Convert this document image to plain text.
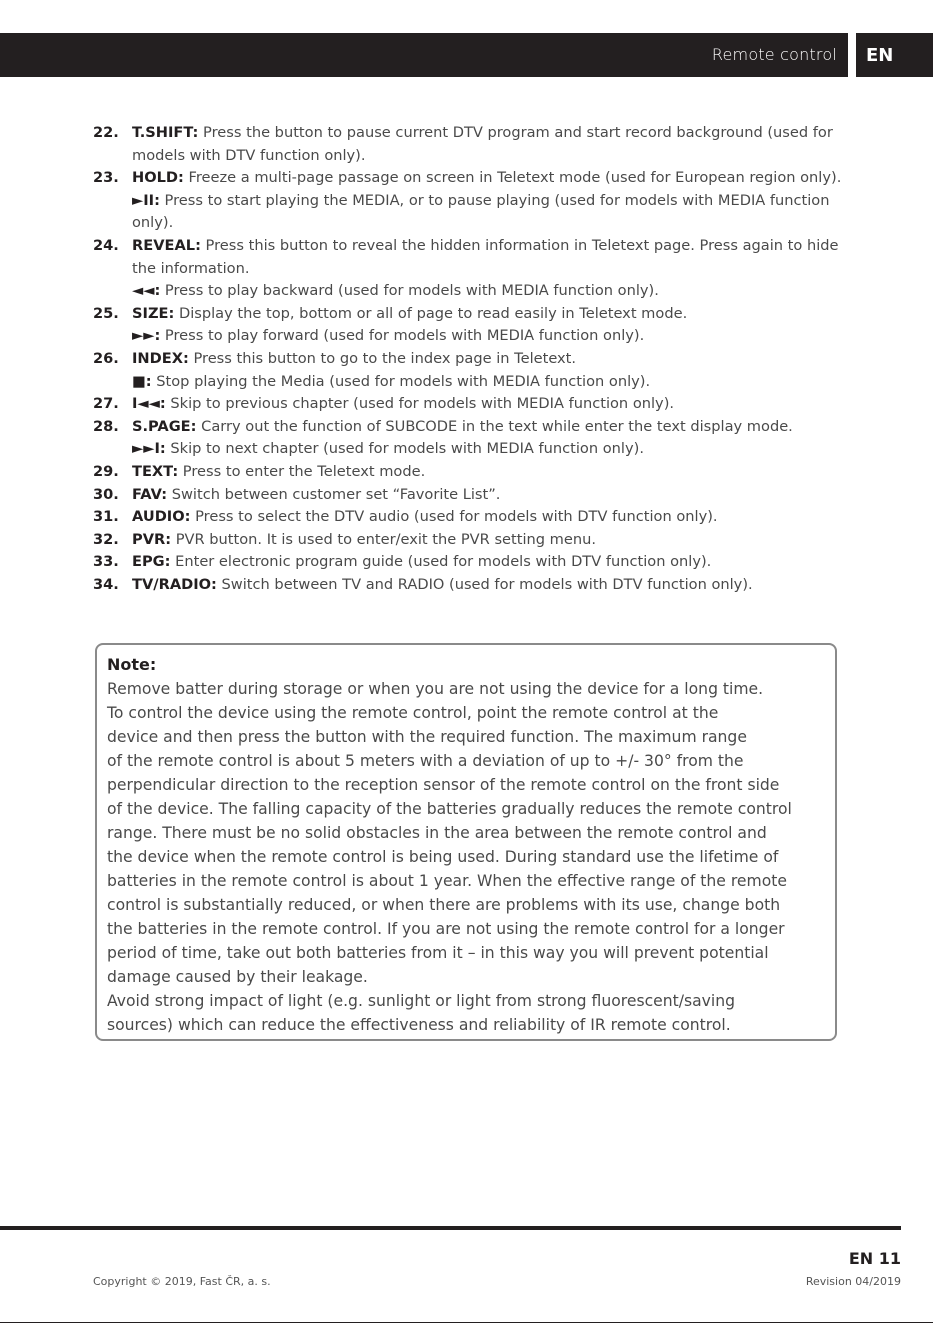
Remote control	EN
22. T.SHIFT: Press the button to pause current DTV program and start record background (used for models with DTV function only).
23. HOLD: Freeze a multi-page passage on screen in Teletext mode (used for European region only).
►II: Press to start playing the MEDIA, or to pause playing (used for models with MEDIA function only).
24. REVEAL: Press this button to reveal the hidden information in Teletext page. Press again to hide the information.
◄◄: Press to play backward (used for models with MEDIA function only).
25. SIZE: Display the top, bottom or all of page to read easily in Teletext mode.
►►: Press to play forward (used for models with MEDIA function only).
26. INDEX: Press this button to go to the index page in Teletext.
■: Stop playing the Media (used for models with MEDIA function only).
27. I◄◄: Skip to previous chapter (used for models with MEDIA function only).
28. S.PAGE: Carry out the function of SUBCODE in the text while enter the text display mode.
►►I: Skip to next chapter (used for models with MEDIA function only).
29. TEXT: Press to enter the Teletext mode.
30. FAV: Switch between customer set “Favorite List”.
31. AUDIO: Press to select the DTV audio (used for models with DTV function only).
32. PVR: PVR button. It is used to enter/exit the PVR setting menu.
33. EPG: Enter electronic program guide (used for models with DTV function only).
34. TV/RADIO: Switch between TV and RADIO (used for models with DTV function only).
Note:
Remove batter during storage or when you are not using the device for a long time.
To control the device using the remote control, point the remote control at the
device and then press the button with the required function. The maximum range
of the remote control is about 5 meters with a deviation of up to +/- 30° from the
perpendicular direction to the reception sensor of the remote control on the front side
of the device. The falling capacity of the batteries gradually reduces the remote control
range. There must be no solid obstacles in the area between the remote control and
the device when the remote control is being used. During standard use the lifetime of
batteries in the remote control is about 1 year. When the effective range of the remote
control is substantially reduced, or when there are problems with its use, change both
the batteries in the remote control. If you are not using the remote control for a longer
period of time, take out both batteries from it – in this way you will prevent potential
damage caused by their leakage.
Avoid strong impact of light (e.g. sunlight or light from strong fluorescent/saving
sources) which can reduce the effectiveness and reliability of IR remote control.
EN 11
Copyright © 2019, Fast ČR, a. s.	Revision 04/2019
